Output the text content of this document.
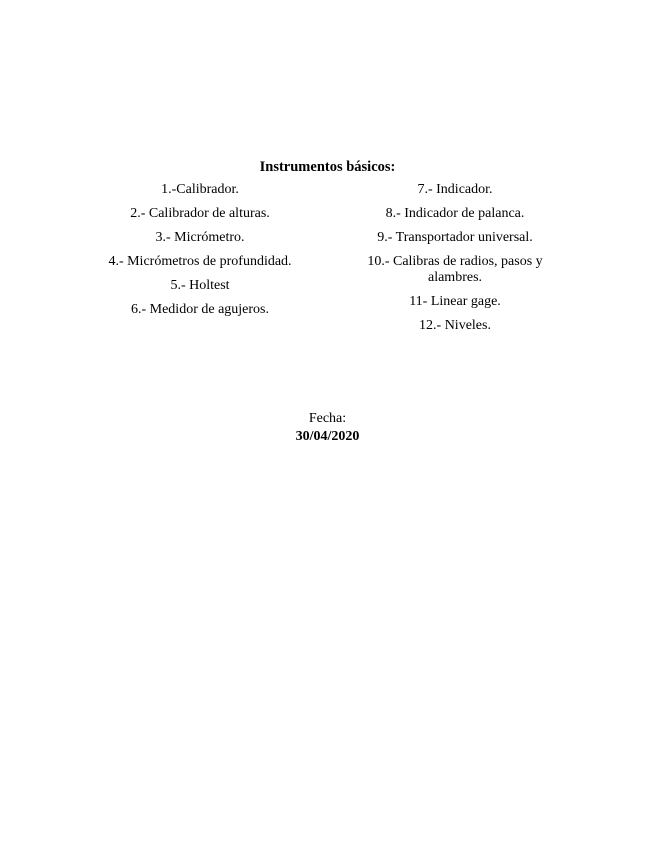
Instrumentos básicos:
1.-Calibrador.
2.- Calibrador de alturas.
3.- Micrómetro.
4.- Micrómetros de profundidad.
5.- Holtest
6.- Medidor de agujeros.
7.- Indicador.
8.- Indicador de palanca.
9.- Transportador universal.
10.- Calibras de radios, pasos y alambres.
11- Linear gage.
12.- Niveles.
Fecha:
30/04/2020
